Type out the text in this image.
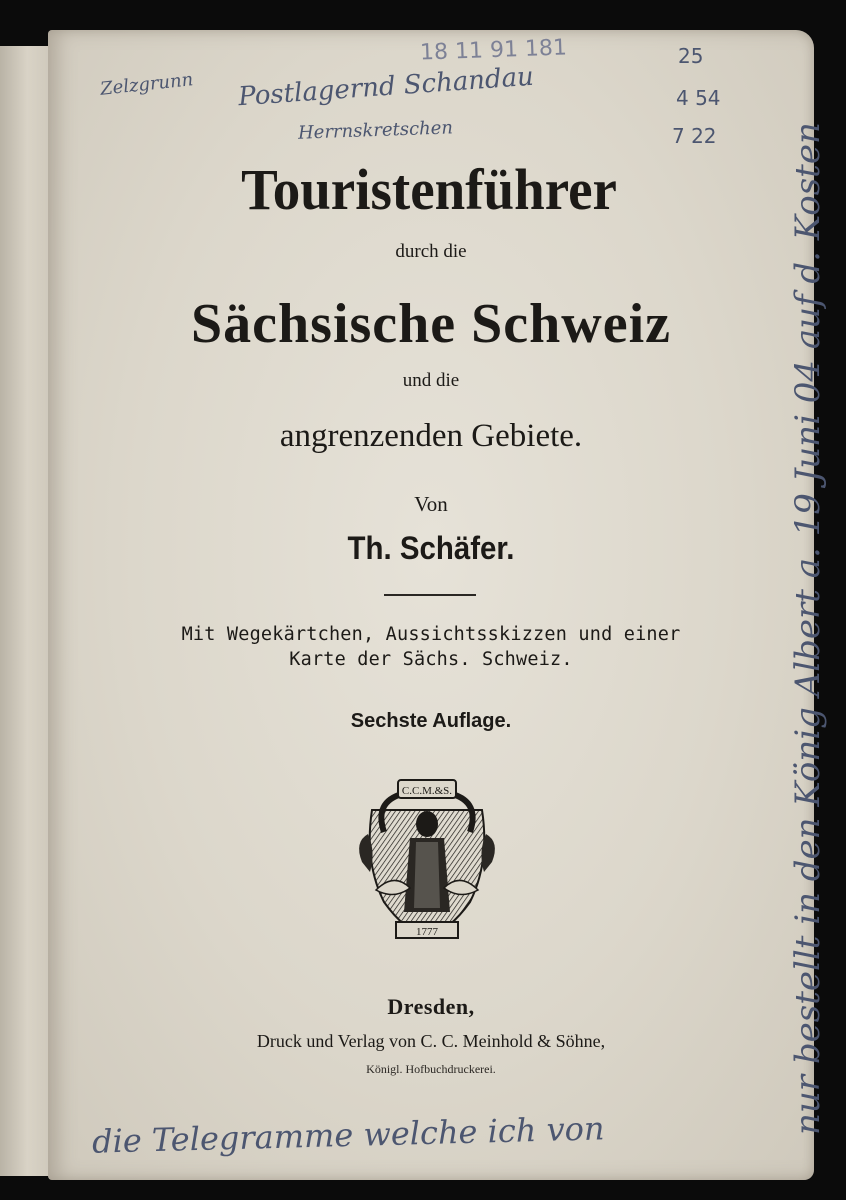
Zelzgrunn Postlagernd Schandau
Herrnskretschen
18 11 91 181	25
4 54
7 22
Touristenführer
durch die
Sächsische Schweiz
und die
angrenzenden Gebiete.
Von
Th. Schäfer.
Mit Wegekärtchen, Aussichtsskizzen und einer
Karte der Sächs. Schweiz.
Sechste Auflage.
C.C.M.&S.
1777
Dresden,
Druck und Verlag von C. C. Meinhold & Söhne,
Königl. Hofbuchdruckerei.	nur bestellt in den König Albert a. 19 Juni 04 auf d. Kosten
die Telegramme welche ich von
